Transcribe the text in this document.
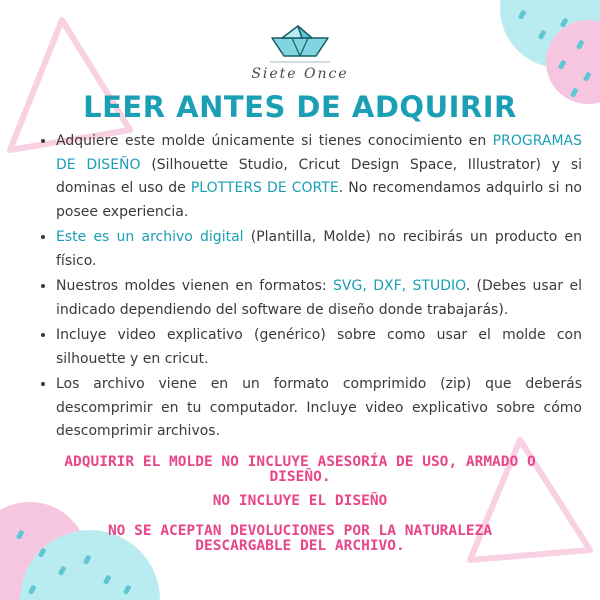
Siete Once
LEER ANTES DE ADQUIRIR
• Adquiere este molde únicamente si tienes conocimiento en PROGRAMAS DE DISEÑO (Silhouette Studio, Cricut Design Space, Illustrator) y si dominas el uso de PLOTTERS DE CORTE. No recomendamos adquirlo si no posee experiencia.
• Este es un archivo digital (Plantilla, Molde) no recibirás un producto en físico.
• Nuestros moldes vienen en formatos: SVG, DXF, STUDIO. (Debes usar el indicado dependiendo del software de diseño donde trabajarás).
• Incluye video explicativo (genérico) sobre como usar el molde con silhouette y en cricut.
• Los archivo viene en un formato comprimido (zip) que deberás descomprimir en tu computador. Incluye video explicativo sobre cómo descomprimir archivos.
ADQUIRIR EL MOLDE NO INCLUYE ASESORÍA DE USO, ARMADO O DISEÑO.
NO INCLUYE EL DISEÑO
NO SE ACEPTAN DEVOLUCIONES POR LA NATURALEZA DESCARGABLE DEL ARCHIVO.
